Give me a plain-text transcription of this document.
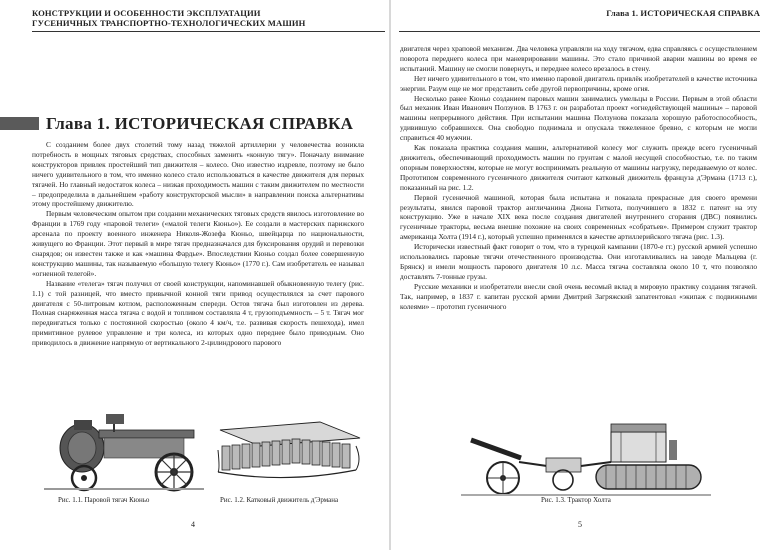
КОНСТРУКЦИИ И ОСОБЕННОСТИ ЭКСПЛУАТАЦИИ
ГУСЕНИЧНЫХ ТРАНСПОРТНО-ТЕХНОЛОГИЧЕСКИХ МАШИН
Глава 1. ИСТОРИЧЕСКАЯ СПРАВКА

С созданием более двух столетий тому назад тяжелой артиллерии у человечества возникла потребность в мощных тяговых средствах, способных заменить «конную тягу». Поначалу внимание конструкторов привлек простейший тип движителя – колесо. Оно известно издревле, поэтому не было ничего удивительного в том, что именно колесо стало использоваться в качестве движителя для первых тягачей. Но главный недостаток колеса – низкая проходимость машин с таким движителем по местности – предопределила в дальнейшем «работу конструкторской мысли» в направлении поиска альтернативы этому простейшему движителю.

Первым человеческим опытом при создании механических тяговых средств явилось изготовление во Франции в 1769 году «паровой телеги» («малой телеги Кюньо»). Ее создали в мастерских парижского арсенала по проекту военного инженера Николя-Жозефа Кюньо, швейцарца по национальности, живущего во Франции. Этот первый в мире тягач предназначался для буксирования орудий и перевозки снарядов; он известен также и как «машина Фардье». Впоследствии Кюньо создал более совершенную конструкцию машины, так называемую «большую телегу Кюньо» (1770 г.). Сам изобретатель ее называл «огненной телегой».

Название «телега» тягач получил от своей конструкции, напоминавшей обыкновенную телегу (рис. 1.1) с той разницей, что вместо привычной конной тяги привод осуществлялся за счет парового двигателя с 50-литровым котлом, расположенным спереди. Остов тягача был изготовлен из дерева. Полная снаряженная масса тягача с водой и топливом составляла 4 т, грузоподъемность – 5 т. Тягач мог передвигаться только с постоянной скоростью (около 4 км/ч, т.е. развивая скорость пешехода), имел примитивное рулевое управление и три колеса, из которых одно переднее было приводным. Оно приводилось в движение напрямую от вертикального 2-цилиндрового парового

Рис. 1.1. Паровой тягач Кюньо	Рис. 1.2. Катковый движитель д'Эрмана
4
Глава 1. ИСТОРИЧЕСКАЯ СПРАВКА

двигателя через храповой механизм. Два человека управляли на ходу тягачом, едва справляясь с осуществлением поворота переднего колеса при маневрировании машины. Это стало причиной аварии машины во время ее испытаний. Машину не смогли повернуть, и переднее колесо врезалось в стену.

Нет ничего удивительного в том, что именно паровой двигатель привлёк изобретателей в качестве источника энергии. Разум еще не мог представить себе другой первопричины, кроме огня.

Несколько ранее Кюньо созданием паровых машин занимались умельцы в России. Первым в этой области был механик Иван Иванович Ползунов. В 1763 г. он разработал проект «огнедействующей машины» – паровой машины непрерывного действия. При испытании машина Ползунова показала хорошую работоспособность, удивившую собравшихся. Она свободно поднимала и опускала тяжеленное бревно, с которым не могли справиться 40 мужчин.

Как показала практика создания машин, альтернативой колесу мог служить прежде всего гусеничный движитель, обеспечивающий проходимость машин по грунтам с малой несущей способностью, т.е. по таким опорным поверхностям, которые не могут воспринимать реальную от машины нагрузку, передаваемую от колес. Прототипом современного гусеничного движителя считают катковый движитель француза д'Эрмана (1713 г.), показанный на рис. 1.2.

Первой гусеничной машиной, которая была испытана и показала прекрасные для своего времени результаты, явился паровой трактор англичанина Джона Гиткота, получившего в 1832 г. патент на эту конструкцию. Уже в начале XIX века после создания двигателей внутреннего сгорания (ДВС) появились гусеничные тракторы, весьма внешне похожие на своих современных «собратьев». Примером служит трактор американца Холта (1914 г.), который успешно применялся в качестве артиллерийского тягача (рис. 1.3).

Исторически известный факт говорит о том, что в турецкой кампании (1870-е гг.) русской армией успешно использовались паровые тягачи отечественного производства. Они изготавливались на заводе Мальцева (г. Брянск) и имели мощность парового двигателя 10 л.с. Масса тягача составляла около 10 т, что позволяло доставлять 7-тонные грузы.

Русские механики и изобретатели внесли свой очень весомый вклад в мировую практику создания тягачей. Так, например, в 1837 г. капитан русской армии Дмитрий Загряжский запатентовал «экипаж с подвижными колеями» – прототип гусеничного

Рис. 1.3. Трактор Холта
5
